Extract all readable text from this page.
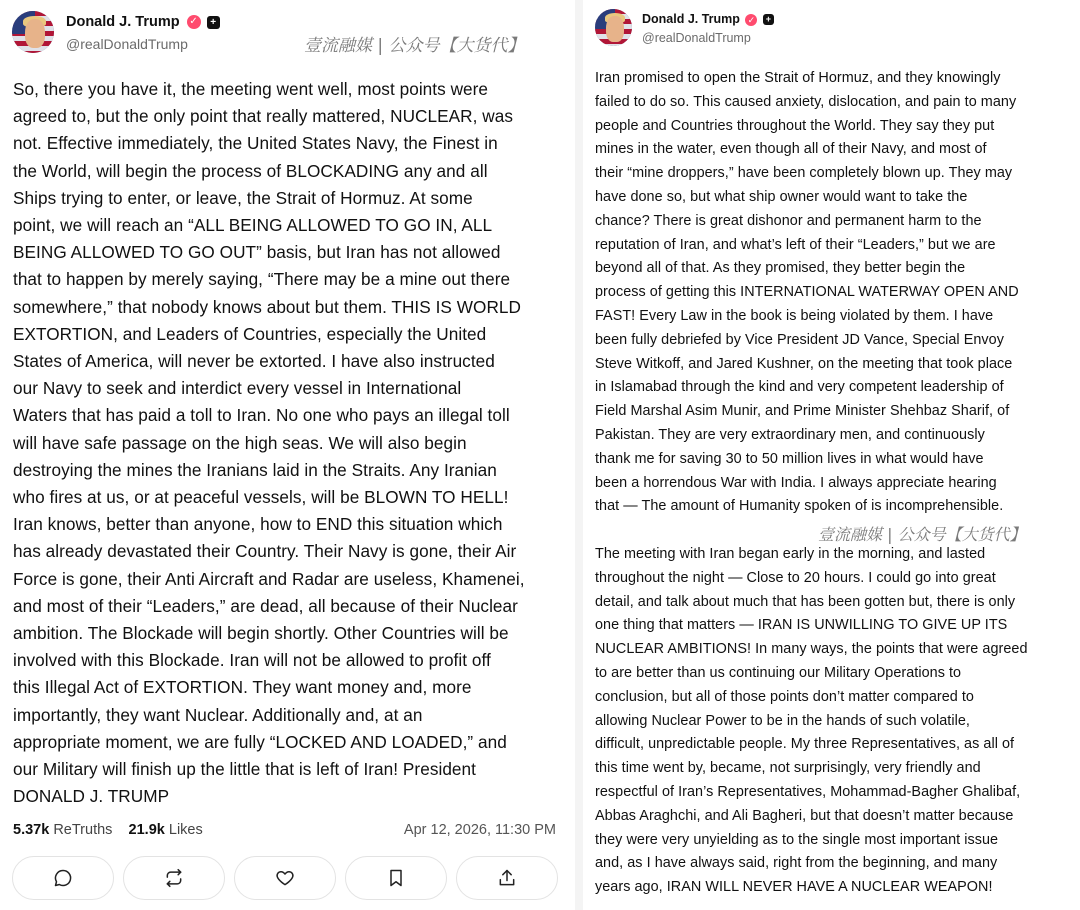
Donald J. Trump ✓ +
@realDonaldTrump	壹流融媒 | 公众号【大货代】
So, there you have it, the meeting went well, most points were
agreed to, but the only point that really mattered, NUCLEAR, was
not. Effective immediately, the United States Navy, the Finest in
the World, will begin the process of BLOCKADING any and all
Ships trying to enter, or leave, the Strait of Hormuz. At some
point, we will reach an “ALL BEING ALLOWED TO GO IN, ALL
BEING ALLOWED TO GO OUT” basis, but Iran has not allowed
that to happen by merely saying, “There may be a mine out there
somewhere,” that nobody knows about but them. THIS IS WORLD
EXTORTION, and Leaders of Countries, especially the United
States of America, will never be extorted. I have also instructed
our Navy to seek and interdict every vessel in International
Waters that has paid a toll to Iran. No one who pays an illegal toll
will have safe passage on the high seas. We will also begin
destroying the mines the Iranians laid in the Straits. Any Iranian
who fires at us, or at peaceful vessels, will be BLOWN TO HELL!
Iran knows, better than anyone, how to END this situation which
has already devastated their Country. Their Navy is gone, their Air
Force is gone, their Anti Aircraft and Radar are useless, Khamenei,
and most of their “Leaders,” are dead, all because of their Nuclear
ambition. The Blockade will begin shortly. Other Countries will be
involved with this Blockade. Iran will not be allowed to profit off
this Illegal Act of EXTORTION. They want money and, more
importantly, they want Nuclear. Additionally and, at an
appropriate moment, we are fully “LOCKED AND LOADED,” and
our Military will finish up the little that is left of Iran! President
DONALD J. TRUMP
5.37k ReTruths 21.9k Likes	Apr 12, 2026, 11:30 PM
Donald J. Trump ✓ +
@realDonaldTrump
Iran promised to open the Strait of Hormuz, and they knowingly
failed to do so. This caused anxiety, dislocation, and pain to many
people and Countries throughout the World. They say they put
mines in the water, even though all of their Navy, and most of
their “mine droppers,” have been completely blown up. They may
have done so, but what ship owner would want to take the
chance? There is great dishonor and permanent harm to the
reputation of Iran, and what’s left of their “Leaders,” but we are
beyond all of that. As they promised, they better begin the
process of getting this INTERNATIONAL WATERWAY OPEN AND
FAST! Every Law in the book is being violated by them. I have
been fully debriefed by Vice President JD Vance, Special Envoy
Steve Witkoff, and Jared Kushner, on the meeting that took place
in Islamabad through the kind and very competent leadership of
Field Marshal Asim Munir, and Prime Minister Shehbaz Sharif, of
Pakistan. They are very extraordinary men, and continuously
thank me for saving 30 to 50 million lives in what would have
been a horrendous War with India. I always appreciate hearing
that — The amount of Humanity spoken of is incomprehensible.
壹流融媒 | 公众号【大货代】
The meeting with Iran began early in the morning, and lasted
throughout the night — Close to 20 hours. I could go into great
detail, and talk about much that has been gotten but, there is only
one thing that matters — IRAN IS UNWILLING TO GIVE UP ITS
NUCLEAR AMBITIONS! In many ways, the points that were agreed
to are better than us continuing our Military Operations to
conclusion, but all of those points don’t matter compared to
allowing Nuclear Power to be in the hands of such volatile,
difficult, unpredictable people. My three Representatives, as all of
this time went by, became, not surprisingly, very friendly and
respectful of Iran’s Representatives, Mohammad-Bagher Ghalibaf,
Abbas Araghchi, and Ali Bagheri, but that doesn’t matter because
they were very unyielding as to the single most important issue
and, as I have always said, right from the beginning, and many
years ago, IRAN WILL NEVER HAVE A NUCLEAR WEAPON!
